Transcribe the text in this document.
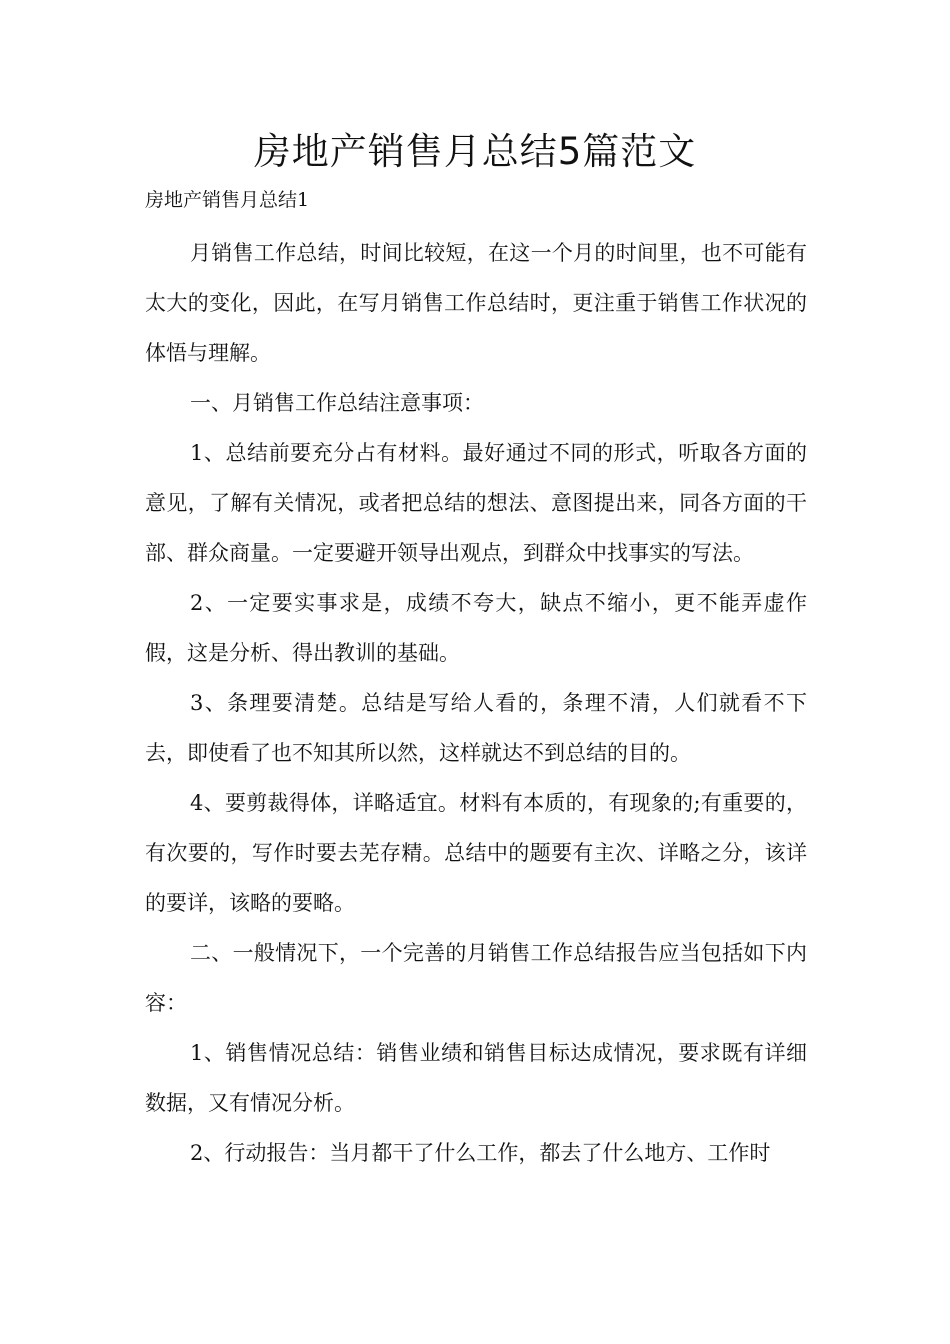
房地产销售月总结5篇范文

房地产销售月总结1

月销售工作总结，时间比较短，在这一个月的时间里，也不可能有太大的变化，因此，在写月销售工作总结时，更注重于销售工作状况的体悟与理解。

一、月销售工作总结注意事项：

1、总结前要充分占有材料。最好通过不同的形式，听取各方面的意见，了解有关情况，或者把总结的想法、意图提出来，同各方面的干部、群众商量。一定要避开领导出观点，到群众中找事实的写法。

2、一定要实事求是，成绩不夸大，缺点不缩小，更不能弄虚作假，这是分析、得出教训的基础。

3、条理要清楚。总结是写给人看的，条理不清，人们就看不下去，即使看了也不知其所以然，这样就达不到总结的目的。

4、要剪裁得体，详略适宜。材料有本质的，有现象的;有重要的，有次要的，写作时要去芜存精。总结中的题要有主次、详略之分，该详的要详，该略的要略。

二、一般情况下，一个完善的月销售工作总结报告应当包括如下内容：

1、销售情况总结：销售业绩和销售目标达成情况，要求既有详细数据，又有情况分析。

2、行动报告：当月都干了什么工作，都去了什么地方、工作时
